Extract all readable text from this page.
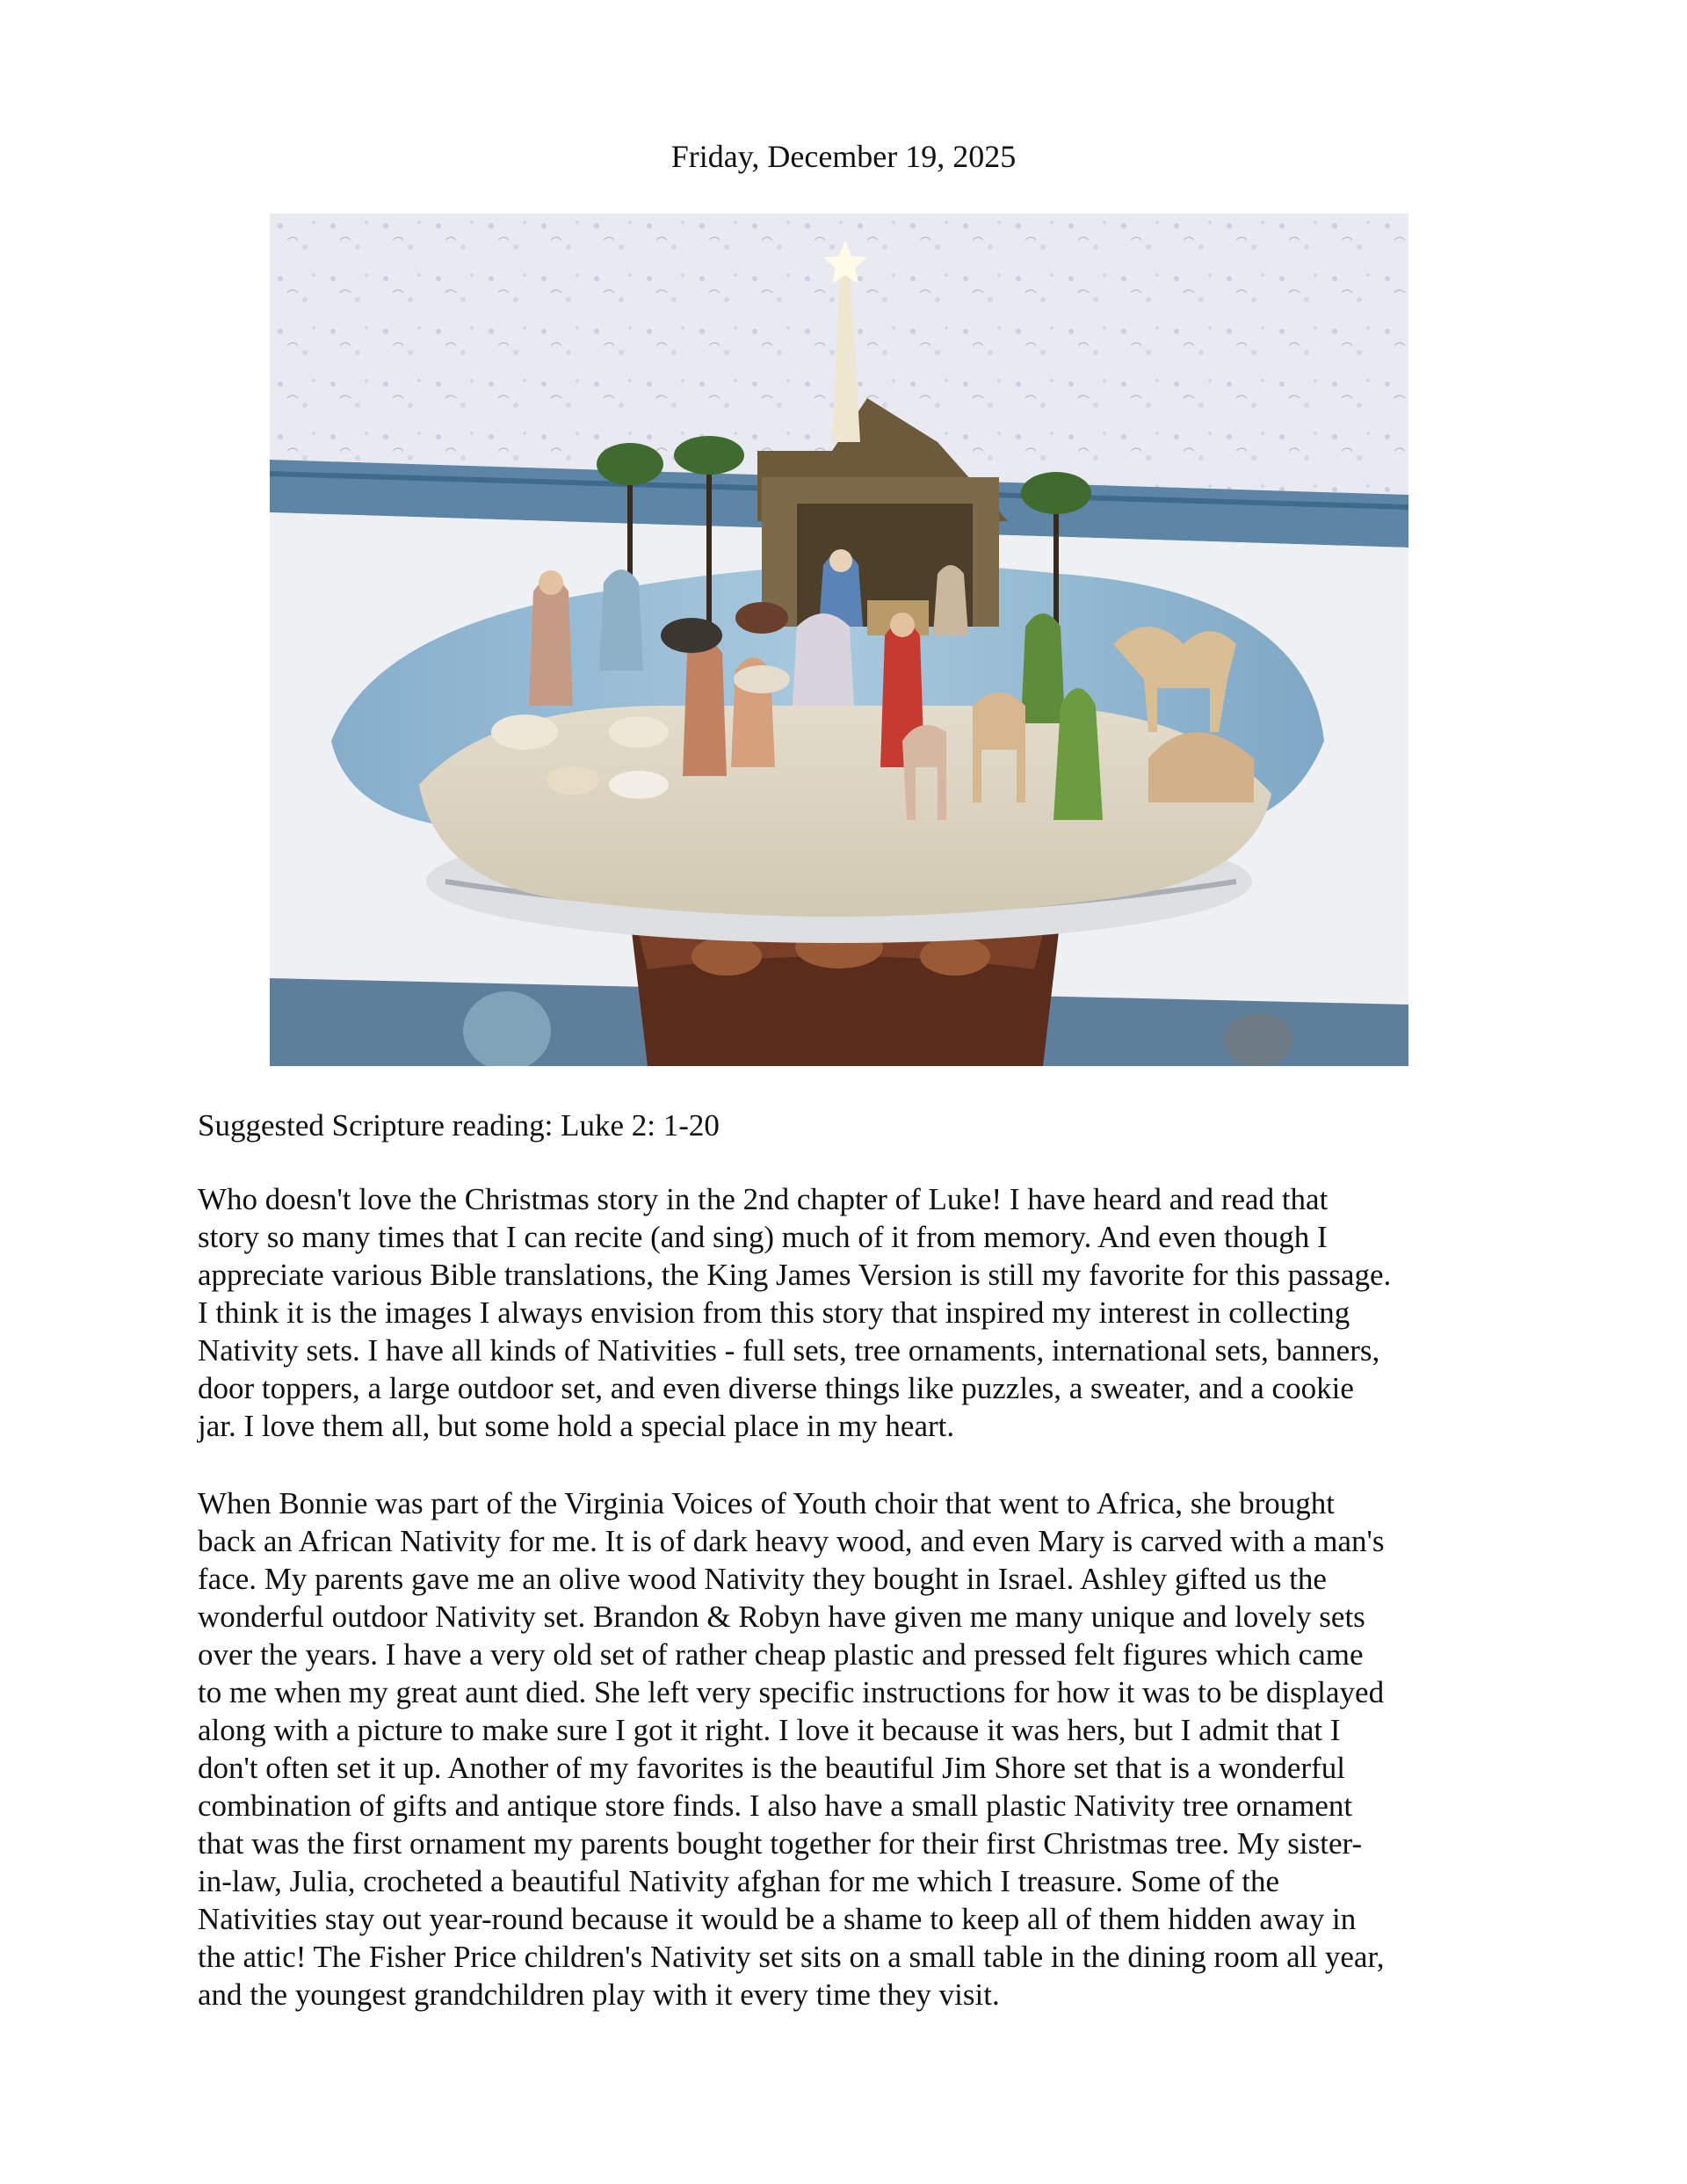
Friday, December 19, 2025
Suggested Scripture reading: Luke 2: 1-20
Who doesn't love the Christmas story in the 2nd chapter of Luke! I have heard and read that
story so many times that I can recite (and sing) much of it from memory. And even though I
appreciate various Bible translations, the King James Version is still my favorite for this passage.
I think it is the images I always envision from this story that inspired my interest in collecting
Nativity sets. I have all kinds of Nativities - full sets, tree ornaments, international sets, banners,
door toppers, a large outdoor set, and even diverse things like puzzles, a sweater, and a cookie
jar. I love them all, but some hold a special place in my heart.
When Bonnie was part of the Virginia Voices of Youth choir that went to Africa, she brought
back an African Nativity for me. It is of dark heavy wood, and even Mary is carved with a man's
face. My parents gave me an olive wood Nativity they bought in Israel. Ashley gifted us the
wonderful outdoor Nativity set. Brandon & Robyn have given me many unique and lovely sets
over the years. I have a very old set of rather cheap plastic and pressed felt figures which came
to me when my great aunt died. She left very specific instructions for how it was to be displayed
along with a picture to make sure I got it right. I love it because it was hers, but I admit that I
don't often set it up. Another of my favorites is the beautiful Jim Shore set that is a wonderful
combination of gifts and antique store finds. I also have a small plastic Nativity tree ornament
that was the first ornament my parents bought together for their first Christmas tree. My sister-
in-law, Julia, crocheted a beautiful Nativity afghan for me which I treasure. Some of the
Nativities stay out year-round because it would be a shame to keep all of them hidden away in
the attic! The Fisher Price children's Nativity set sits on a small table in the dining room all year,
and the youngest grandchildren play with it every time they visit.
